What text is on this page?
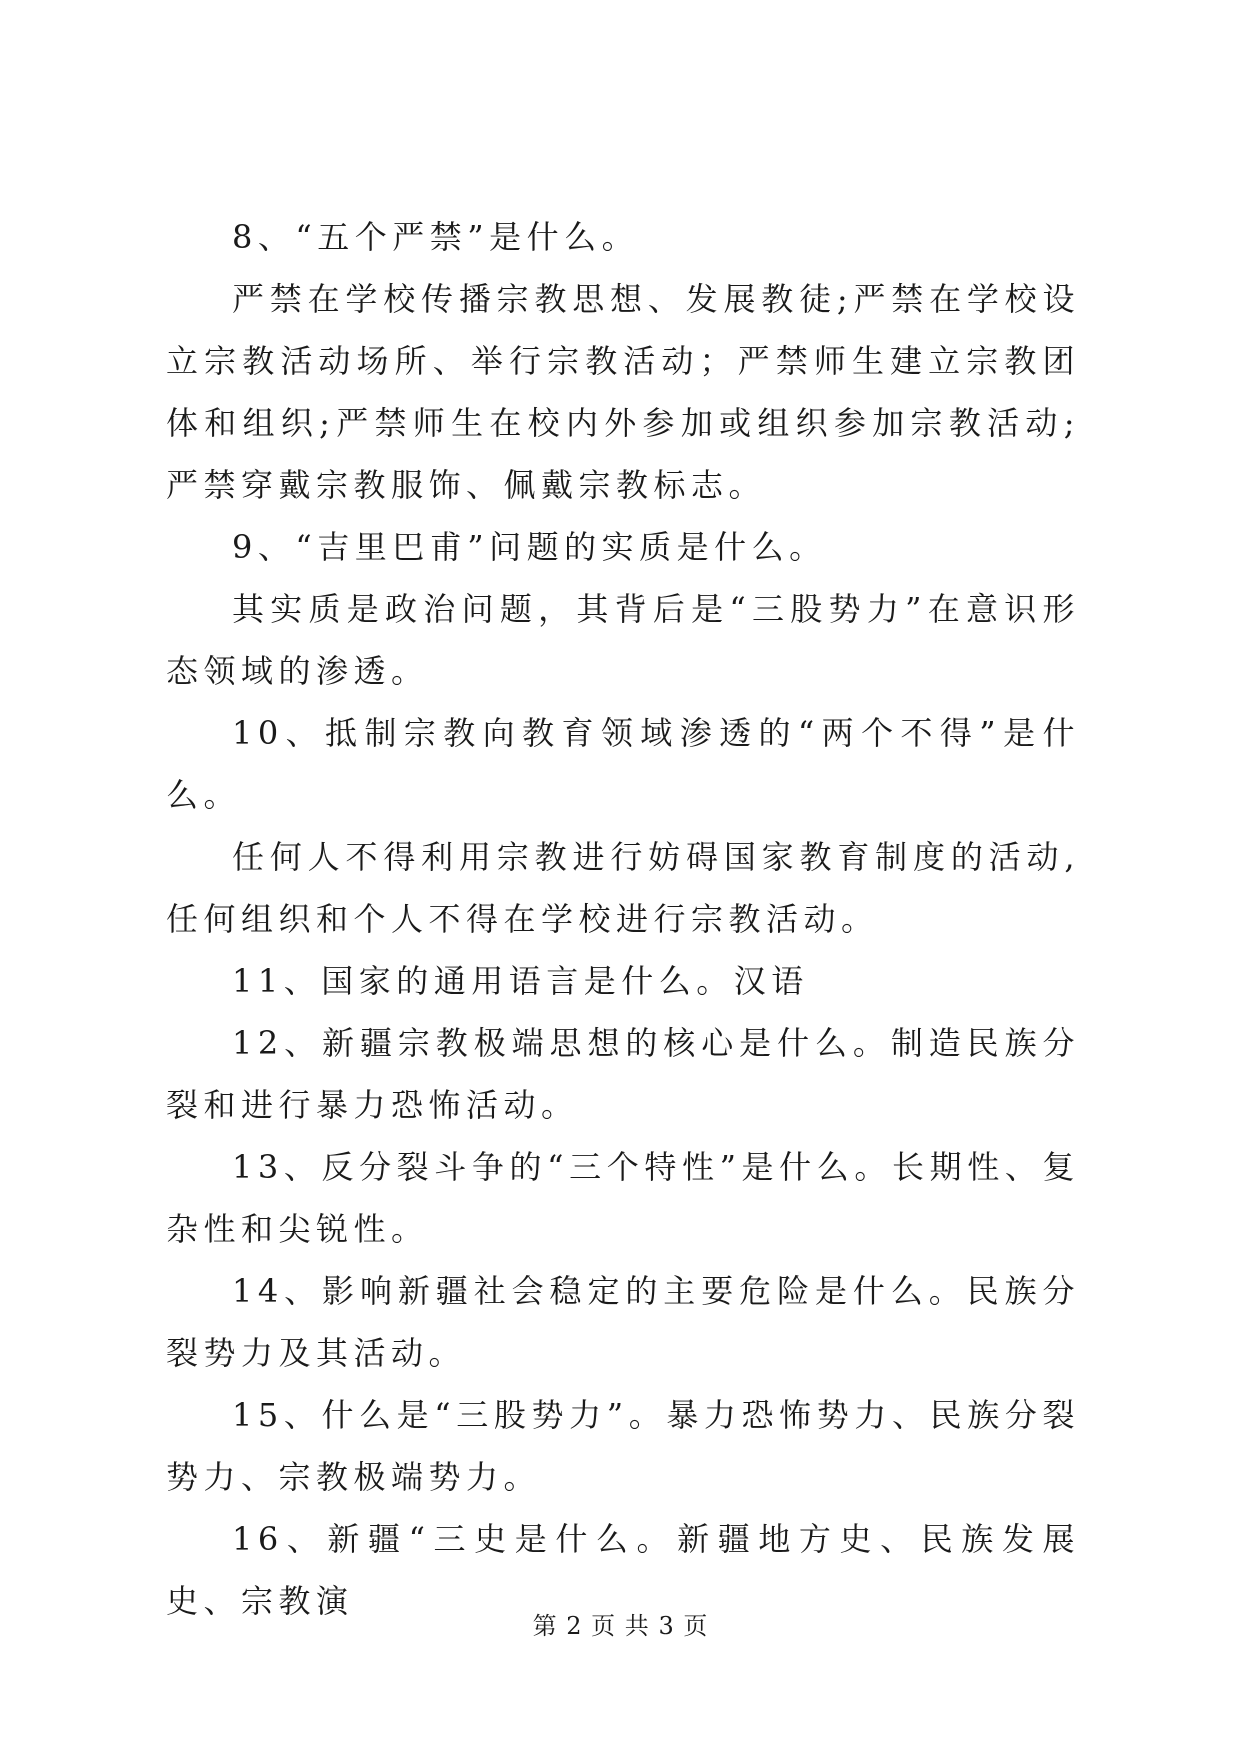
8、“五个严禁”是什么。

严禁在学校传播宗教思想、发展教徒;严禁在学校设立宗教活动场所、举行宗教活动；严禁师生建立宗教团体和组织;严禁师生在校内外参加或组织参加宗教活动;严禁穿戴宗教服饰、佩戴宗教标志。

9、“吉里巴甫”问题的实质是什么。

其实质是政治问题，其背后是“三股势力”在意识形态领域的渗透。

10、抵制宗教向教育领域渗透的“两个不得”是什么。

任何人不得利用宗教进行妨碍国家教育制度的活动,任何组织和个人不得在学校进行宗教活动。

11、国家的通用语言是什么。汉语

12、新疆宗教极端思想的核心是什么。制造民族分裂和进行暴力恐怖活动。

13、反分裂斗争的“三个特性”是什么。长期性、复杂性和尖锐性。

14、影响新疆社会稳定的主要危险是什么。民族分裂势力及其活动。

15、什么是“三股势力”。暴力恐怖势力、民族分裂势力、宗教极端势力。

16、新疆“三史是什么。新疆地方史、民族发展史、宗教演

第 2 页 共 3 页
